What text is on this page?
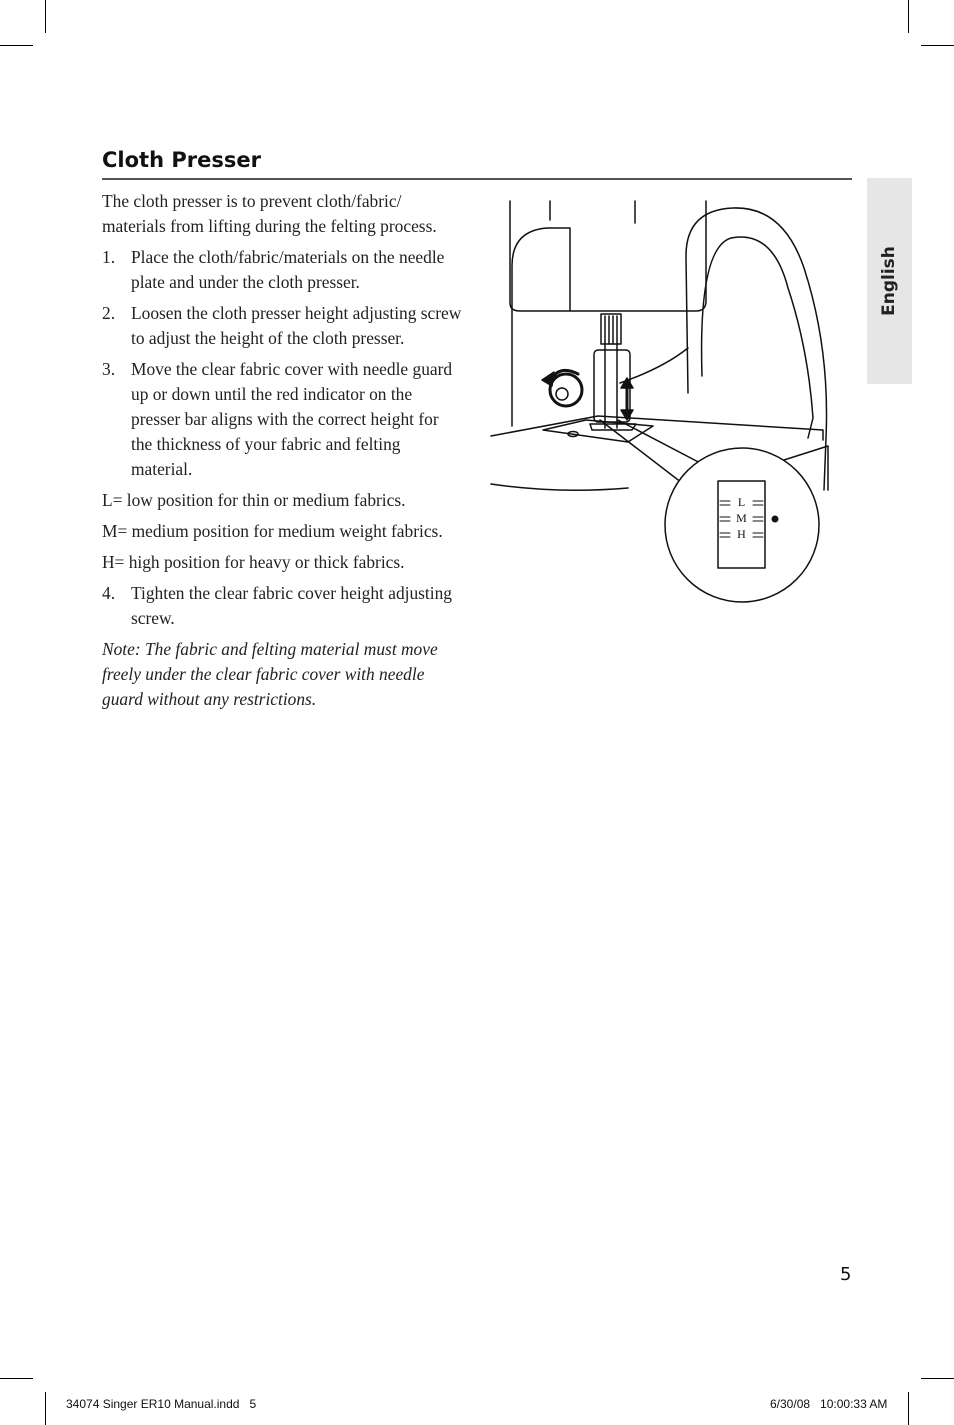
Cloth Presser
English

The cloth presser is to prevent cloth/fabric/ materials from lifting during the felting process.

1. Place the cloth/fabric/materials on the needle plate and under the cloth presser.

2. Loosen the cloth presser height adjusting screw to adjust the height of the cloth presser.

3. Move the clear fabric cover with needle guard up or down until the red indicator on the presser bar aligns with the correct height for the thickness of your fabric and felting material.

L= low position for thin or medium fabrics.

M= medium position for medium weight fabrics.

H= high position for heavy or thick fabrics.

4. Tighten the clear fabric cover height adjusting screw.

Note: The fabric and felting material must move freely under the clear fabric cover with needle guard without any restrictions.

L
M
H
5
34074 Singer ER10 Manual.indd   5	6/30/08   10:00:33 AM
